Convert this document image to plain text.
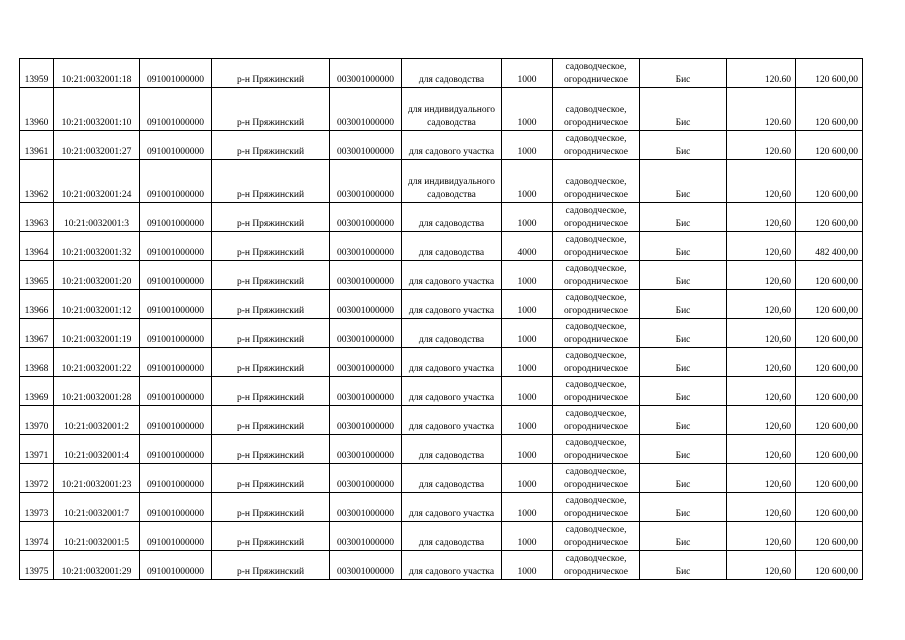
13959	10:21:0032001:18	091001000000	р-н Пряжинский	003001000000	для садоводства	1000	садоводческое, огородническое	Бис	120.60	120 600,00
13960	10:21:0032001:10	091001000000	р-н Пряжинский	003001000000	для индивидуального садоводства	1000	садоводческое, огородническое	Бис	120.60	120 600,00
13961	10:21:0032001:27	091001000000	р-н Пряжинский	003001000000	для садового участка	1000	садоводческое, огородническое	Бис	120.60	120 600,00
13962	10:21:0032001:24	091001000000	р-н Пряжинский	003001000000	для индивидуального садоводства	1000	садоводческое, огородническое	Бис	120,60	120 600,00
13963	10:21:0032001:3	091001000000	р-н Пряжинский	003001000000	для садоводства	1000	садоводческое, огородническое	Бис	120,60	120 600,00
13964	10:21:0032001:32	091001000000	р-н Пряжинский	003001000000	для садоводства	4000	садоводческое, огородническое	Бис	120,60	482 400,00
13965	10:21:0032001:20	091001000000	р-н Пряжинский	003001000000	для садового участка	1000	садоводческое, огородническое	Бис	120,60	120 600,00
13966	10:21:0032001:12	091001000000	р-н Пряжинский	003001000000	для садового участка	1000	садоводческое, огородническое	Бис	120,60	120 600,00
13967	10:21:0032001:19	091001000000	р-н Пряжинский	003001000000	для садоводства	1000	садоводческое, огородническое	Бис	120,60	120 600,00
13968	10:21:0032001:22	091001000000	р-н Пряжинский	003001000000	для садового участка	1000	садоводческое, огородническое	Бис	120,60	120 600,00
13969	10:21:0032001:28	091001000000	р-н Пряжинский	003001000000	для садового участка	1000	садоводческое, огородническое	Бис	120,60	120 600,00
13970	10:21:0032001:2	091001000000	р-н Пряжинский	003001000000	для садового участка	1000	садоводческое, огородническое	Бис	120,60	120 600,00
13971	10:21:0032001:4	091001000000	р-н Пряжинский	003001000000	для садоводства	1000	садоводческое, огородническое	Бис	120,60	120 600,00
13972	10:21:0032001:23	091001000000	р-н Пряжинский	003001000000	для садоводства	1000	садоводческое, огородническое	Бис	120,60	120 600,00
13973	10:21:0032001:7	091001000000	р-н Пряжинский	003001000000	для садового участка	1000	садоводческое, огородническое	Бис	120,60	120 600,00
13974	10:21:0032001:5	091001000000	р-н Пряжинский	003001000000	для садоводства	1000	садоводческое, огородническое	Бис	120,60	120 600,00
13975	10:21:0032001:29	091001000000	р-н Пряжинский	003001000000	для садового участка	1000	садоводческое, огородническое	Бис	120,60	120 600,00
